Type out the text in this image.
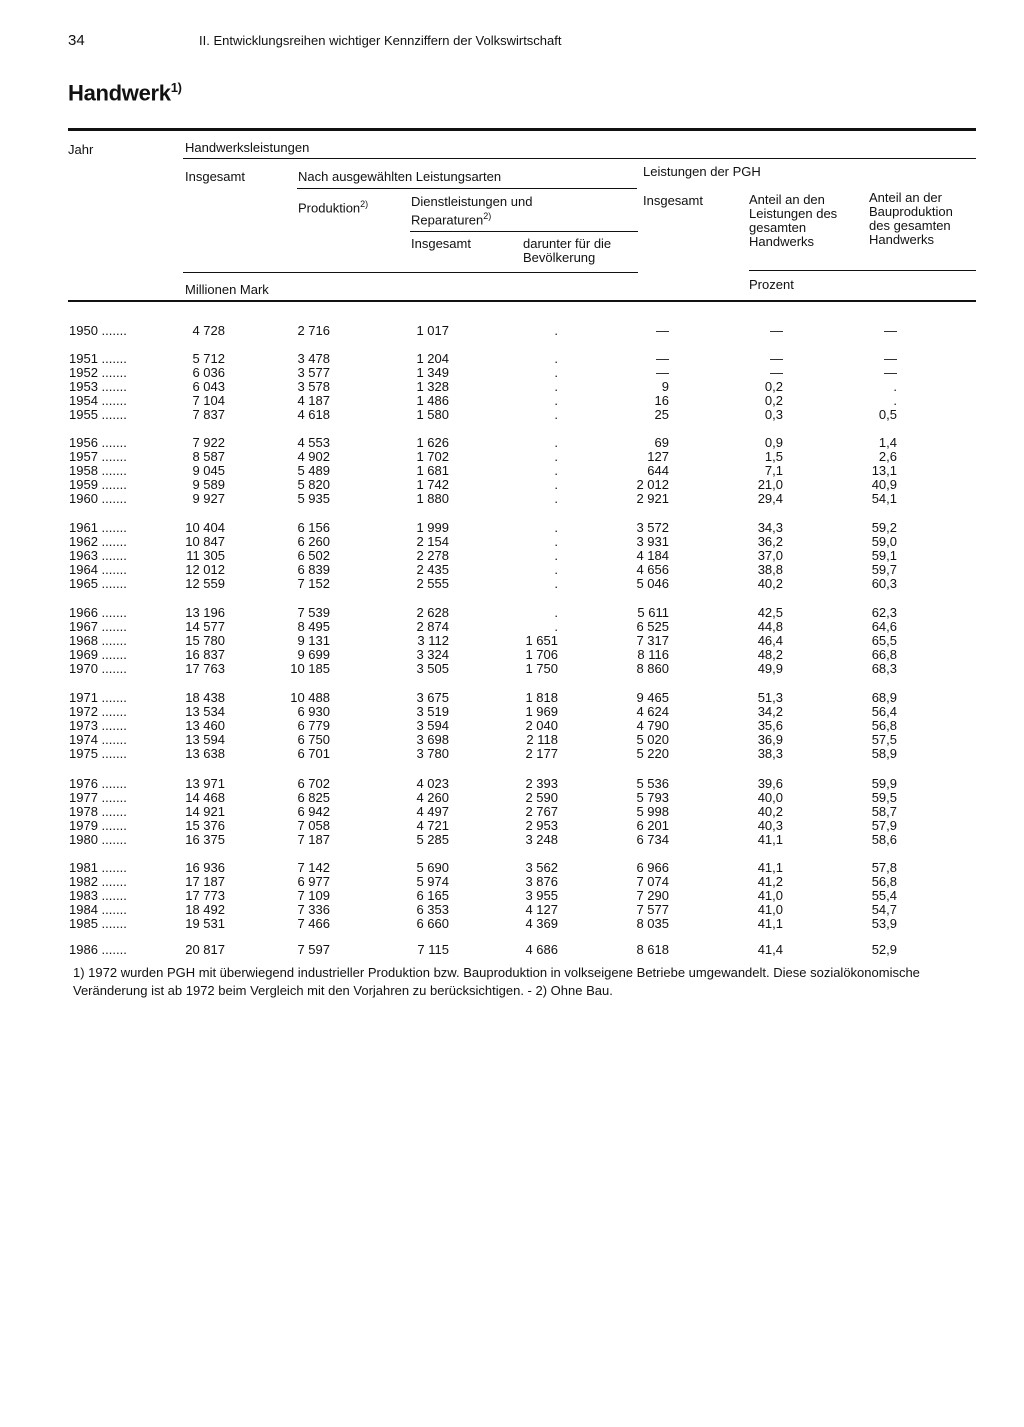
34	II. Entwicklungsreihen wichtiger Kennziffern der Volkswirtschaft
Handwerk$^{1)}$
Jahr	Handwerksleistungen
Insgesamt	Nach ausgewählten Leistungsarten	Leistungen der PGH
Produktion$^{2)}$	Dienstleistungen und Reparaturen$^{2)}$
Insgesamt	Anteil an den Leistungen des gesamten Handwerks
Anteil an der Bauproduktion des gesamten Handwerks
Insgesamt	darunter für die Bevölkerung
Millionen Mark	Prozent
1950 .......	4 728	2 716	1 017	.	—	—	—
1951 .......	5 712	3 478	1 204	.	—	—	—
1952 .......	6 036	3 577	1 349	.	—	—	—
1953 .......	6 043	3 578	1 328	.	9	0,2	.
1954 .......	7 104	4 187	1 486	.	16	0,2	.
1955 .......	7 837	4 618	1 580	.	25	0,3	0,5
1956 .......	7 922	4 553	1 626	.	69	0,9	1,4
1957 .......	8 587	4 902	1 702	.	127	1,5	2,6
1958 .......	9 045	5 489	1 681	.	644	7,1	13,1
1959 .......	9 589	5 820	1 742	.	2 012	21,0	40,9
1960 .......	9 927	5 935	1 880	.	2 921	29,4	54,1
1961 .......	10 404	6 156	1 999	.	3 572	34,3	59,2
1962 .......	10 847	6 260	2 154	.	3 931	36,2	59,0
1963 .......	11 305	6 502	2 278	.	4 184	37,0	59,1
1964 .......	12 012	6 839	2 435	.	4 656	38,8	59,7
1965 .......	12 559	7 152	2 555	.	5 046	40,2	60,3
1966 .......	13 196	7 539	2 628	.	5 611	42,5	62,3
1967 .......	14 577	8 495	2 874	.	6 525	44,8	64,6
1968 .......	15 780	9 131	3 112	1 651	7 317	46,4	65,5
1969 .......	16 837	9 699	3 324	1 706	8 116	48,2	66,8
1970 .......	17 763	10 185	3 505	1 750	8 860	49,9	68,3
1971 .......	18 438	10 488	3 675	1 818	9 465	51,3	68,9
1972 .......	13 534	6 930	3 519	1 969	4 624	34,2	56,4
1973 .......	13 460	6 779	3 594	2 040	4 790	35,6	56,8
1974 .......	13 594	6 750	3 698	2 118	5 020	36,9	57,5
1975 .......	13 638	6 701	3 780	2 177	5 220	38,3	58,9
1976 .......	13 971	6 702	4 023	2 393	5 536	39,6	59,9
1977 .......	14 468	6 825	4 260	2 590	5 793	40,0	59,5
1978 .......	14 921	6 942	4 497	2 767	5 998	40,2	58,7
1979 .......	15 376	7 058	4 721	2 953	6 201	40,3	57,9
1980 .......	16 375	7 187	5 285	3 248	6 734	41,1	58,6
1981 .......	16 936	7 142	5 690	3 562	6 966	41,1	57,8
1982 .......	17 187	6 977	5 974	3 876	7 074	41,2	56,8
1983 .......	17 773	7 109	6 165	3 955	7 290	41,0	55,4
1984 .......	18 492	7 336	6 353	4 127	7 577	41,0	54,7
1985 .......	19 531	7 466	6 660	4 369	8 035	41,1	53,9
1986 .......	20 817	7 597	7 115	4 686	8 618	41,4	52,9
1) 1972 wurden PGH mit überwiegend industrieller Produktion bzw. Bauproduktion in volkseigene Betriebe umgewandelt. Diese sozialökonomische Veränderung ist ab 1972 beim Vergleich mit den Vorjahren zu berücksichtigen. - 2) Ohne Bau.
